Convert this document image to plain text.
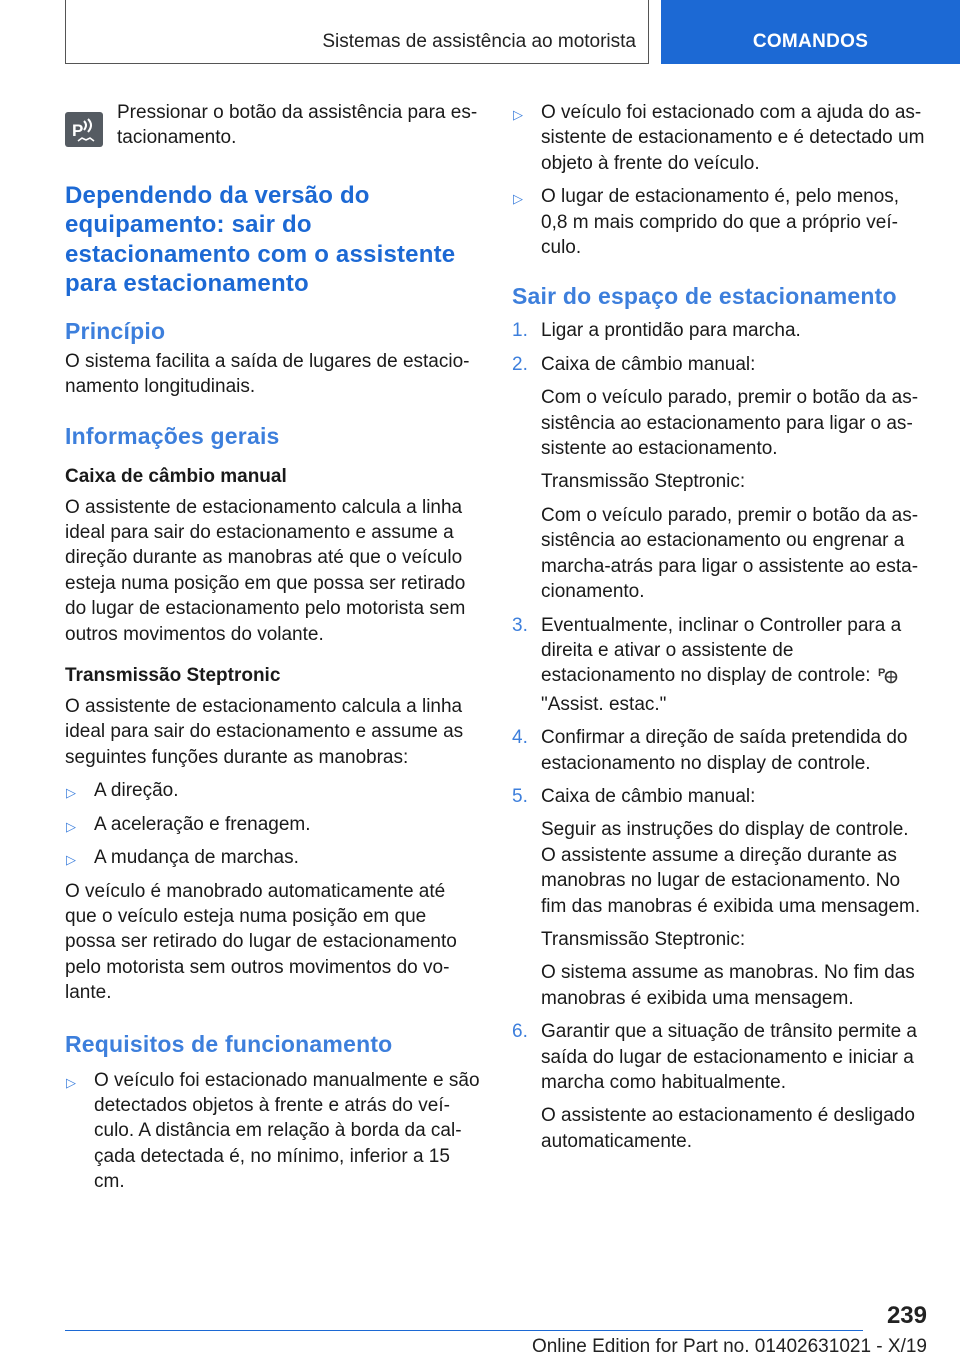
Sistemas de assistência ao motorista	COMANDOS
P

Pressionar o botão da assistência para estacionamento.

Dependendo da versão do equipamento: sair do estacionamento com o assistente para estacionamento
Princípio

O sistema facilita a saída de lugares de estacionamento longitudinais.

Informações gerais
Caixa de câmbio manual

O assistente de estacionamento calcula a linha ideal para sair do estacionamento e assume a direção durante as manobras até que o veículo esteja numa posição em que possa ser retirado do lugar de estacionamento pelo motorista sem outros movimentos do volante.

Transmissão Steptronic

O assistente de estacionamento calcula a linha ideal para sair do estacionamento e assume as seguintes funções durante as manobras:

▷ A direção.
▷ A aceleração e frenagem.
▷ A mudança de marchas.

O veículo é manobrado automaticamente até que o veículo esteja numa posição em que possa ser retirado do lugar de estacionamento pelo motorista sem outros movimentos do volante.

Requisitos de funcionamento
▷ O veículo foi estacionado manualmente e são detectados objetos à frente e atrás do veículo. A distância em relação à borda da calçada detectada é, no mínimo, inferior a 15 cm.
▷ O veículo foi estacionado com a ajuda do assistente de estacionamento e é detectado um objeto à frente do veículo.
▷ O lugar de estacionamento é, pelo menos, 0,8 m mais comprido do que a próprio veículo.
Sair do espaço de estacionamento
1. Ligar a prontidão para marcha.

2. Caixa de câmbio manual:

Com o veículo parado, premir o botão da assistência ao estacionamento para ligar o assistente ao estacionamento.

Transmissão Steptronic:

Com o veículo parado, premir o botão da assistência ao estacionamento ou engrenar a marcha-atrás para ligar o assistente ao estacionamento.

3. Eventualmente, inclinar o Controller para a direita e ativar o assistente de estacionamento no display de controle: P
"Assist. estac."

4. Confirmar a direção de saída pretendida do estacionamento no display de controle.

5. Caixa de câmbio manual:

Seguir as instruções do display de controle. O assistente assume a direção durante as manobras no lugar de estacionamento. No fim das manobras é exibida uma mensagem.

Transmissão Steptronic:

O sistema assume as manobras. No fim das manobras é exibida uma mensagem.

6. Garantir que a situação de trânsito permite a saída do lugar de estacionamento e iniciar a marcha como habitualmente.

O assistente ao estacionamento é desligado automaticamente.

239
Online Edition for Part no. 01402631021 - X/19
